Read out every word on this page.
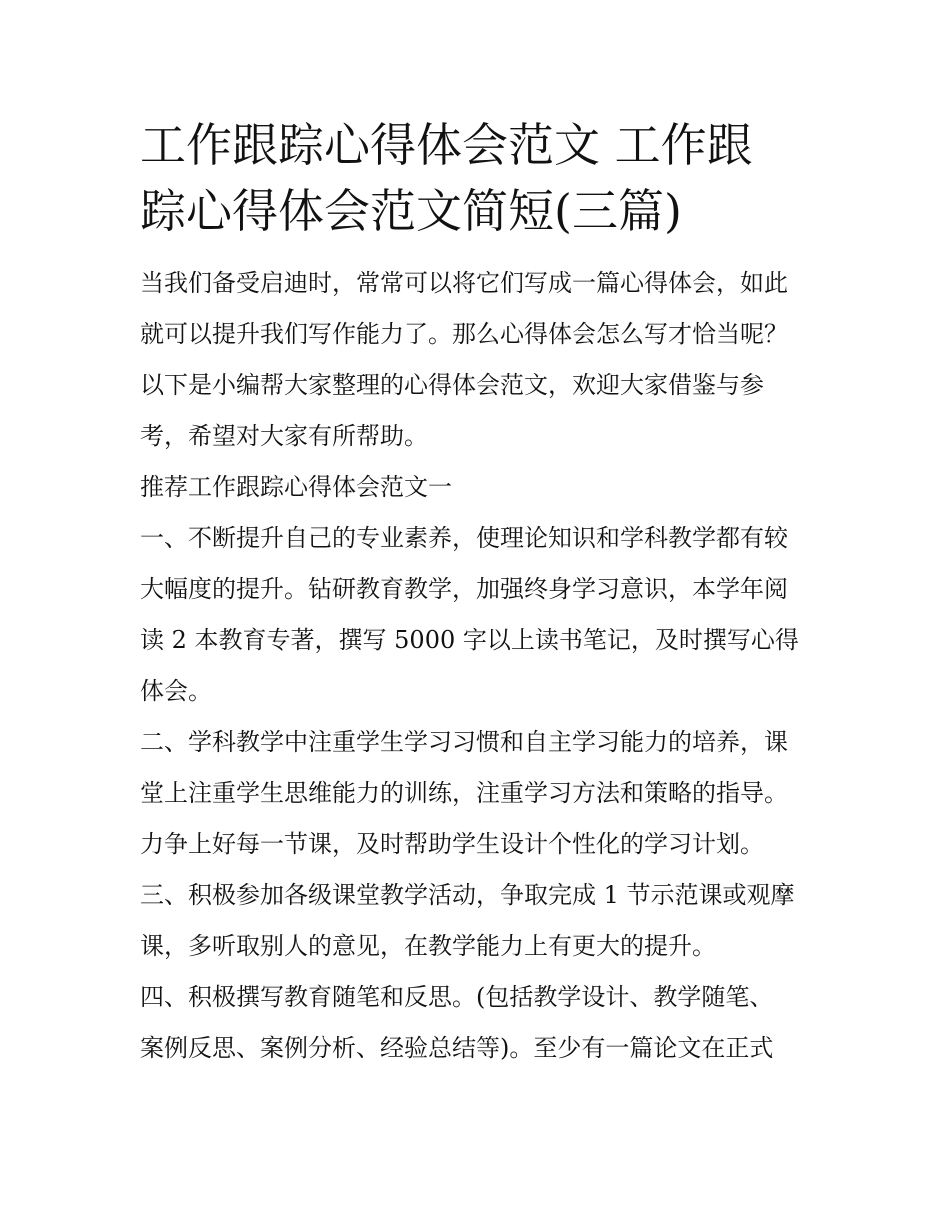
工作跟踪心得体会范文 工作跟
踪心得体会范文简短(三篇)

当我们备受启迪时，常常可以将它们写成一篇心得体会，如此
就可以提升我们写作能力了。那么心得体会怎么写才恰当呢？
以下是小编帮大家整理的心得体会范文，欢迎大家借鉴与参
考，希望对大家有所帮助。

推荐工作跟踪心得体会范文一

一、不断提升自己的专业素养，使理论知识和学科教学都有较
大幅度的提升。钻研教育教学，加强终身学习意识，本学年阅
读 2 本教育专著，撰写 5000 字以上读书笔记，及时撰写心得
体会。

二、学科教学中注重学生学习习惯和自主学习能力的培养，课
堂上注重学生思维能力的训练，注重学习方法和策略的指导。
力争上好每一节课，及时帮助学生设计个性化的学习计划。

三、积极参加各级课堂教学活动，争取完成 1 节示范课或观摩
课，多听取别人的意见，在教学能力上有更大的提升。

四、积极撰写教育随笔和反思。(包括教学设计、教学随笔、
案例反思、案例分析、经验总结等)。至少有一篇论文在正式
